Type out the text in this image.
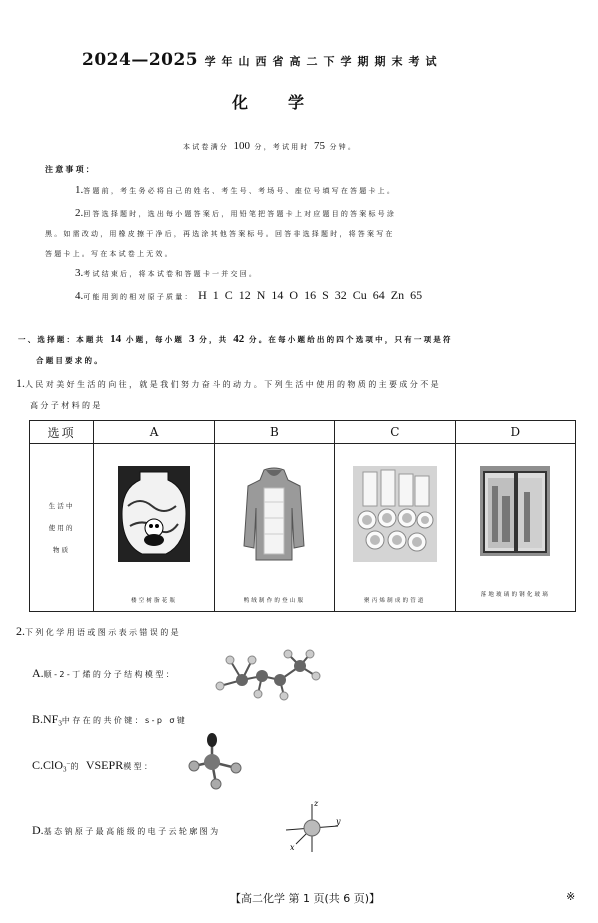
2024—2025 学年山西省高二下学期期末考试
化学
本试卷满分 100 分，考试用时 75 分钟。
注意事项：
1.答题前，考生务必将自己的姓名、考生号、考场号、座位号填写在答题卡上。
2.回答选择题时，选出每小题答案后，用铅笔把答题卡上对应题目的答案标号涂
黑。如需改动，用橡皮擦干净后，再选涂其他答案标号。回答非选择题时，将答案写在
答题卡上。写在本试卷上无效。
3.考试结束后，将本试卷和答题卡一并交回。
4.可能用到的相对原子质量： H 1 C 12 N 14 O 16 S 32 Cu 64 Zn 65
一、选择题：本题共 14 小题，每小题 3 分，共 42 分。在每小题给出的四个选项中，只有一项是符
合题目要求的。
1.人民对美好生活的向往，就是我们努力奋斗的动力。下列生活中使用的物质的主要成分不是
高分子材料的是
选项	A	B	C	D

生活中
使用的
物质	楼空树脂花瓶	鸭绒制作的登山服	聚丙烯制成的管道	落地玻璃的钢化玻璃
2.下列化学用语或图示表示错误的是
A.顺-2-丁烯的分子结构模型：
$B.NF_3$中存在的共价键：s-p σ键
C.ClO$_3$−的 VSEPR模型：
D.基态钠原子最高能级的电子云轮廓图为
z
y
x
【高二化学 第 1 页(共 6 页)】	※
